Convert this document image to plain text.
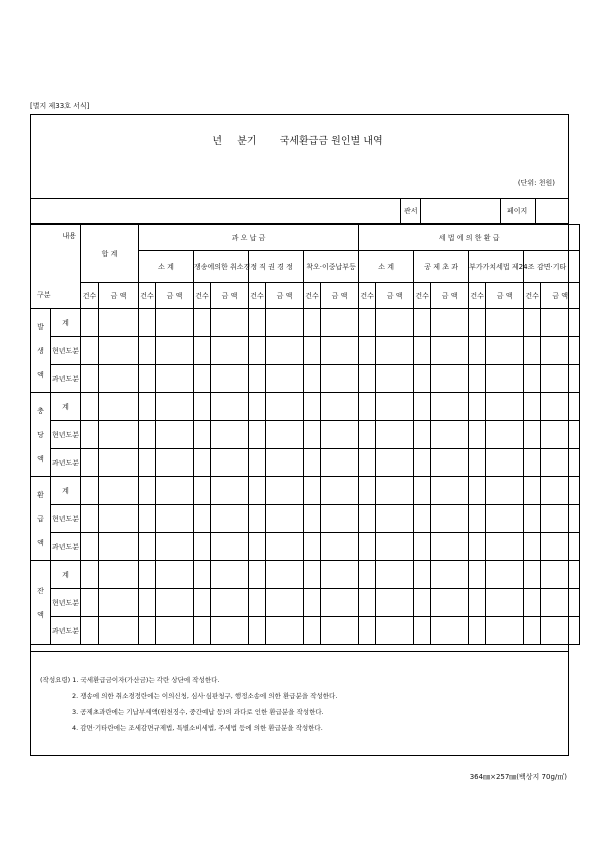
[별지 제33호 서식]
년 분기 국세환급금 원인별 내역
(단위: 천원)
관서	페이지
내용		합 계		과 오 납 금								세 법 에 의 한 환 급							
				소 계		쟁송에의한 취소경정		직 권 경 정		착오·이중납부등		소 계		공 제 초 과		부가가치세법 제24조		감면·기타	
구분		건수	금 액	건수	금 액	건수	금 액	건수	금 액	건수	금 액	건수	금 액	건수	금 액	건수	금 액	건수	금 액
발생액	계																		
	현년도분																		
	과년도분																		
충당액	계																		
	현년도분																		
	과년도분																		
환급액	계																		
	현년도분																		
	과년도분																		
잔액	계																		
	현년도분																		
	과년도분																		
(작성요령) 1. 국세환급금이자(가산금)는 각란 상단에 작성한다.
2. 쟁송에 의한 취소경정란에는 이의신청, 심사·심판청구, 행정소송에 의한 환급분을 작성한다.
3. 공제초과란에는 기납부세액(원천징수, 중간예납 등)의 과다로 인한 환급분을 작성한다.
4. 감면·기타란에는 조세감면규제법, 특별소비세법, 주세법 등에 의한 환급분을 작성한다.
364㎜×257㎜(백상지 70g/㎡)
